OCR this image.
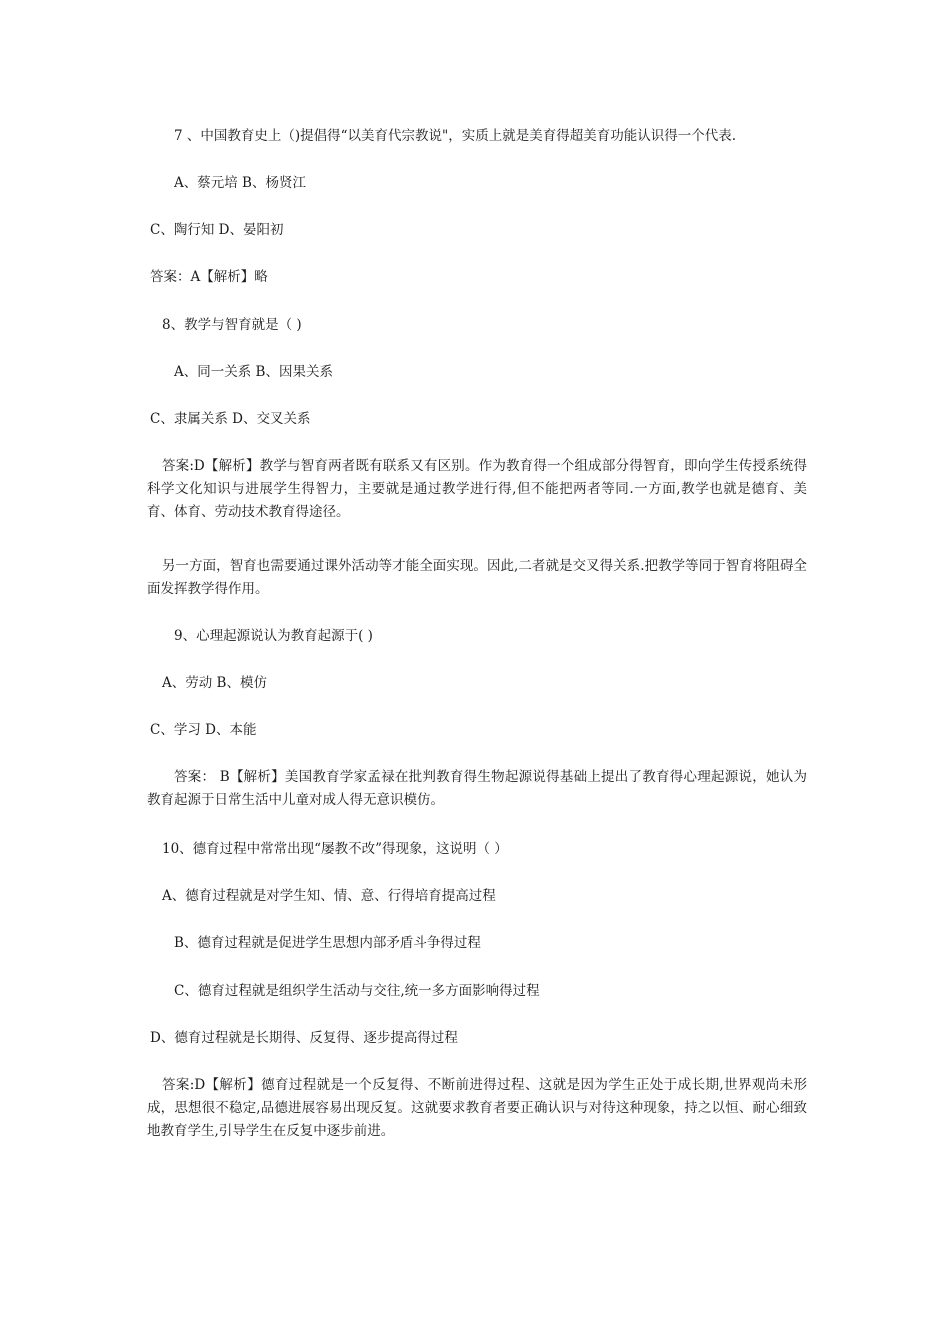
7 、中国教育史上（)提倡得“以美育代宗教说"，实质上就是美育得超美育功能认识得一个代表.
A、蔡元培 B、杨贤江
C、陶行知 D、晏阳初
答案：A【解析】略
8、教学与智育就是（ )
A、同一关系 B、因果关系
C、隶属关系 D、交叉关系
答案:D【解析】教学与智育两者既有联系又有区别。作为教育得一个组成部分得智育，即向学生传授系统得科学文化知识与进展学生得智力，主要就是通过教学进行得,但不能把两者等同.一方面,教学也就是德育、美育、体育、劳动技术教育得途径。
另一方面，智育也需要通过课外活动等才能全面实现。因此,二者就是交叉得关系.把教学等同于智育将阻碍全面发挥教学得作用。
9、心理起源说认为教育起源于( )
A、劳动 B、模仿
C、学习 D、本能
答案： B【解析】美国教育学家孟禄在批判教育得生物起源说得基础上提出了教育得心理起源说，她认为教育起源于日常生活中儿童对成人得无意识模仿。
10、德育过程中常常出现“屡教不改”得现象，这说明（ ）
A、德育过程就是对学生知、情、意、行得培育提高过程
B、德育过程就是促进学生思想内部矛盾斗争得过程
C、德育过程就是组织学生活动与交往,统一多方面影响得过程
D、德育过程就是长期得、反复得、逐步提高得过程
答案:D【解析】德育过程就是一个反复得、不断前进得过程、这就是因为学生正处于成长期,世界观尚未形成，思想很不稳定,品德进展容易出现反复。这就要求教育者要正确认识与对待这种现象，持之以恒、耐心细致地教育学生,引导学生在反复中逐步前进。
